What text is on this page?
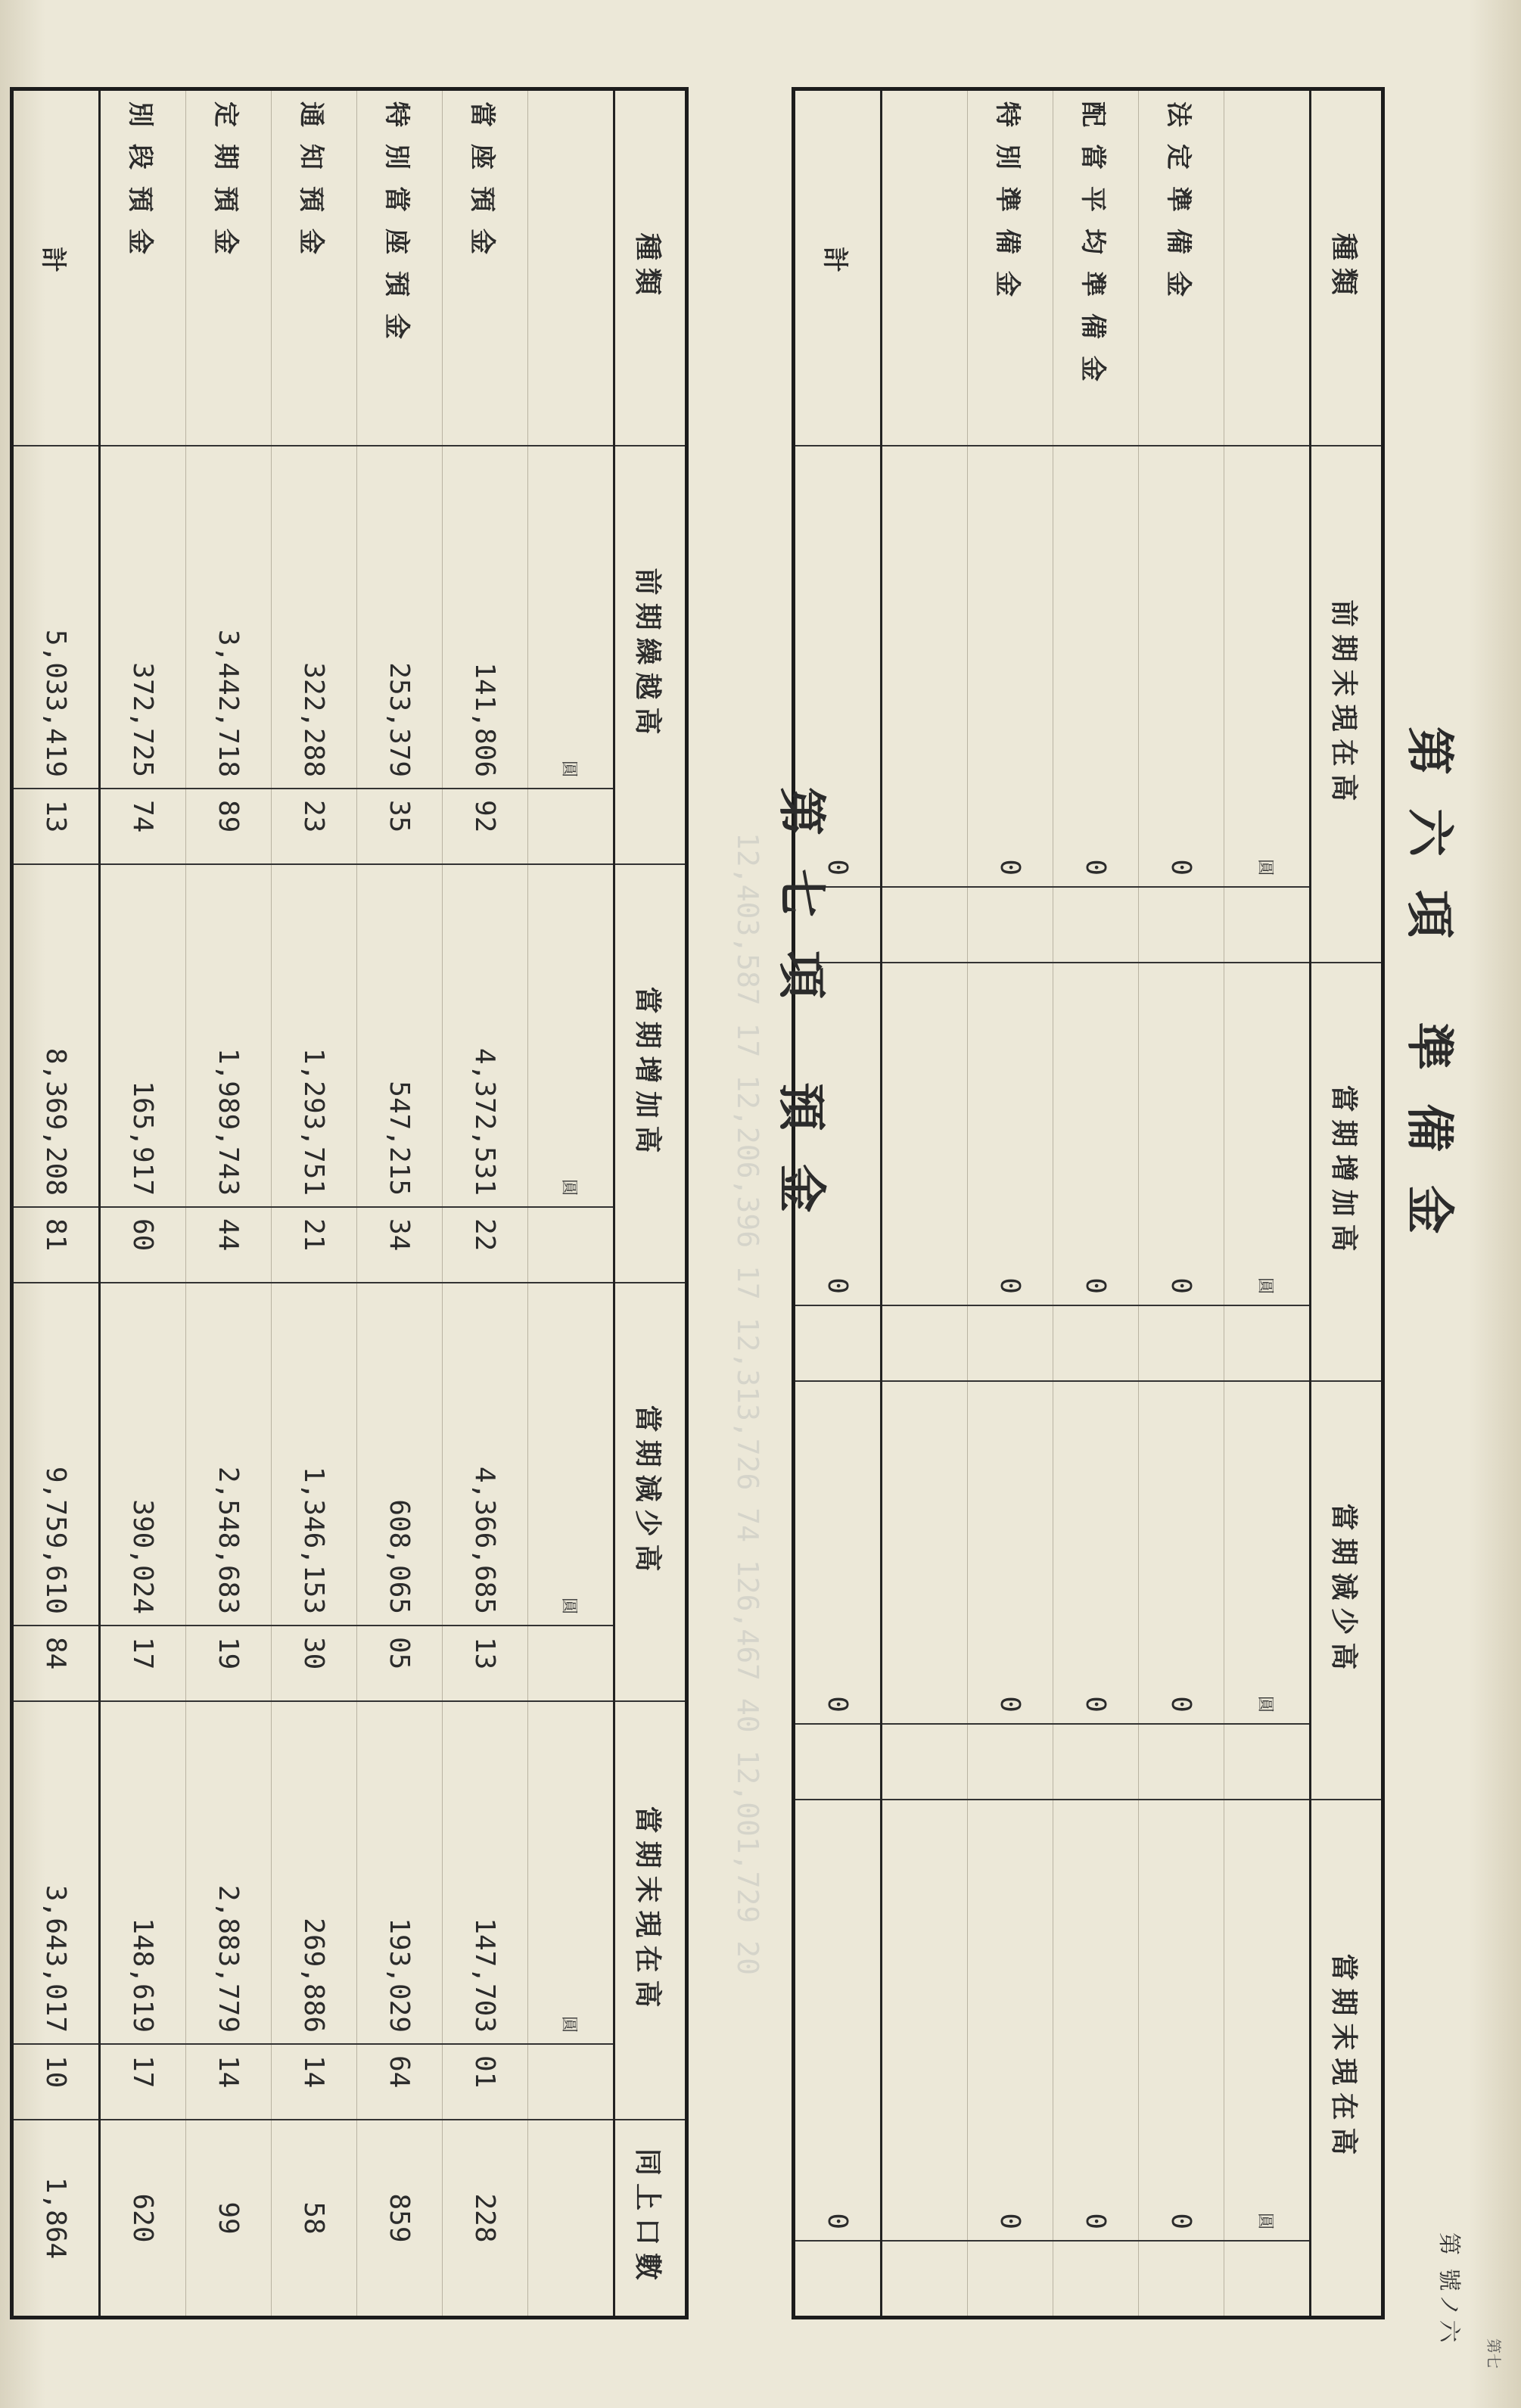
12,403,587 17 12,206,396 17 12,313,726 74 126,467 40 12,001,729 20
第 號ノ六
第七
第六項 準備金
種類	前期末現在高		當期增加高		當期減少高		當期末現在高	
	圓		圓		圓		圓	
法定準備金	0		0		0		0	
配當平均準備金	0		0		0		0	
特別準備金	0		0		0		0	

計	0		0		0		0	
第七項 預金
種類	前期繰越高		當期增加高		當期減少高		當期末現在高		同上口數
	圓		圓		圓		圓		
當座預金	141,806	92	4,372,531	22	4,366,685	13	147,703	01	228
特別當座預金	253,379	35	547,215	34	608,065	05	193,029	64	859
通知預金	322,288	23	1,293,751	21	1,346,153	30	269,886	14	58
定期預金	3,442,718	89	1,989,743	44	2,548,683	19	2,883,779	14	99
別段預金	372,725	74	165,917	60	390,024	17	148,619	17	620
計	5,033,419	13	8,369,208	81	9,759,610	84	3,643,017	10	1,864
